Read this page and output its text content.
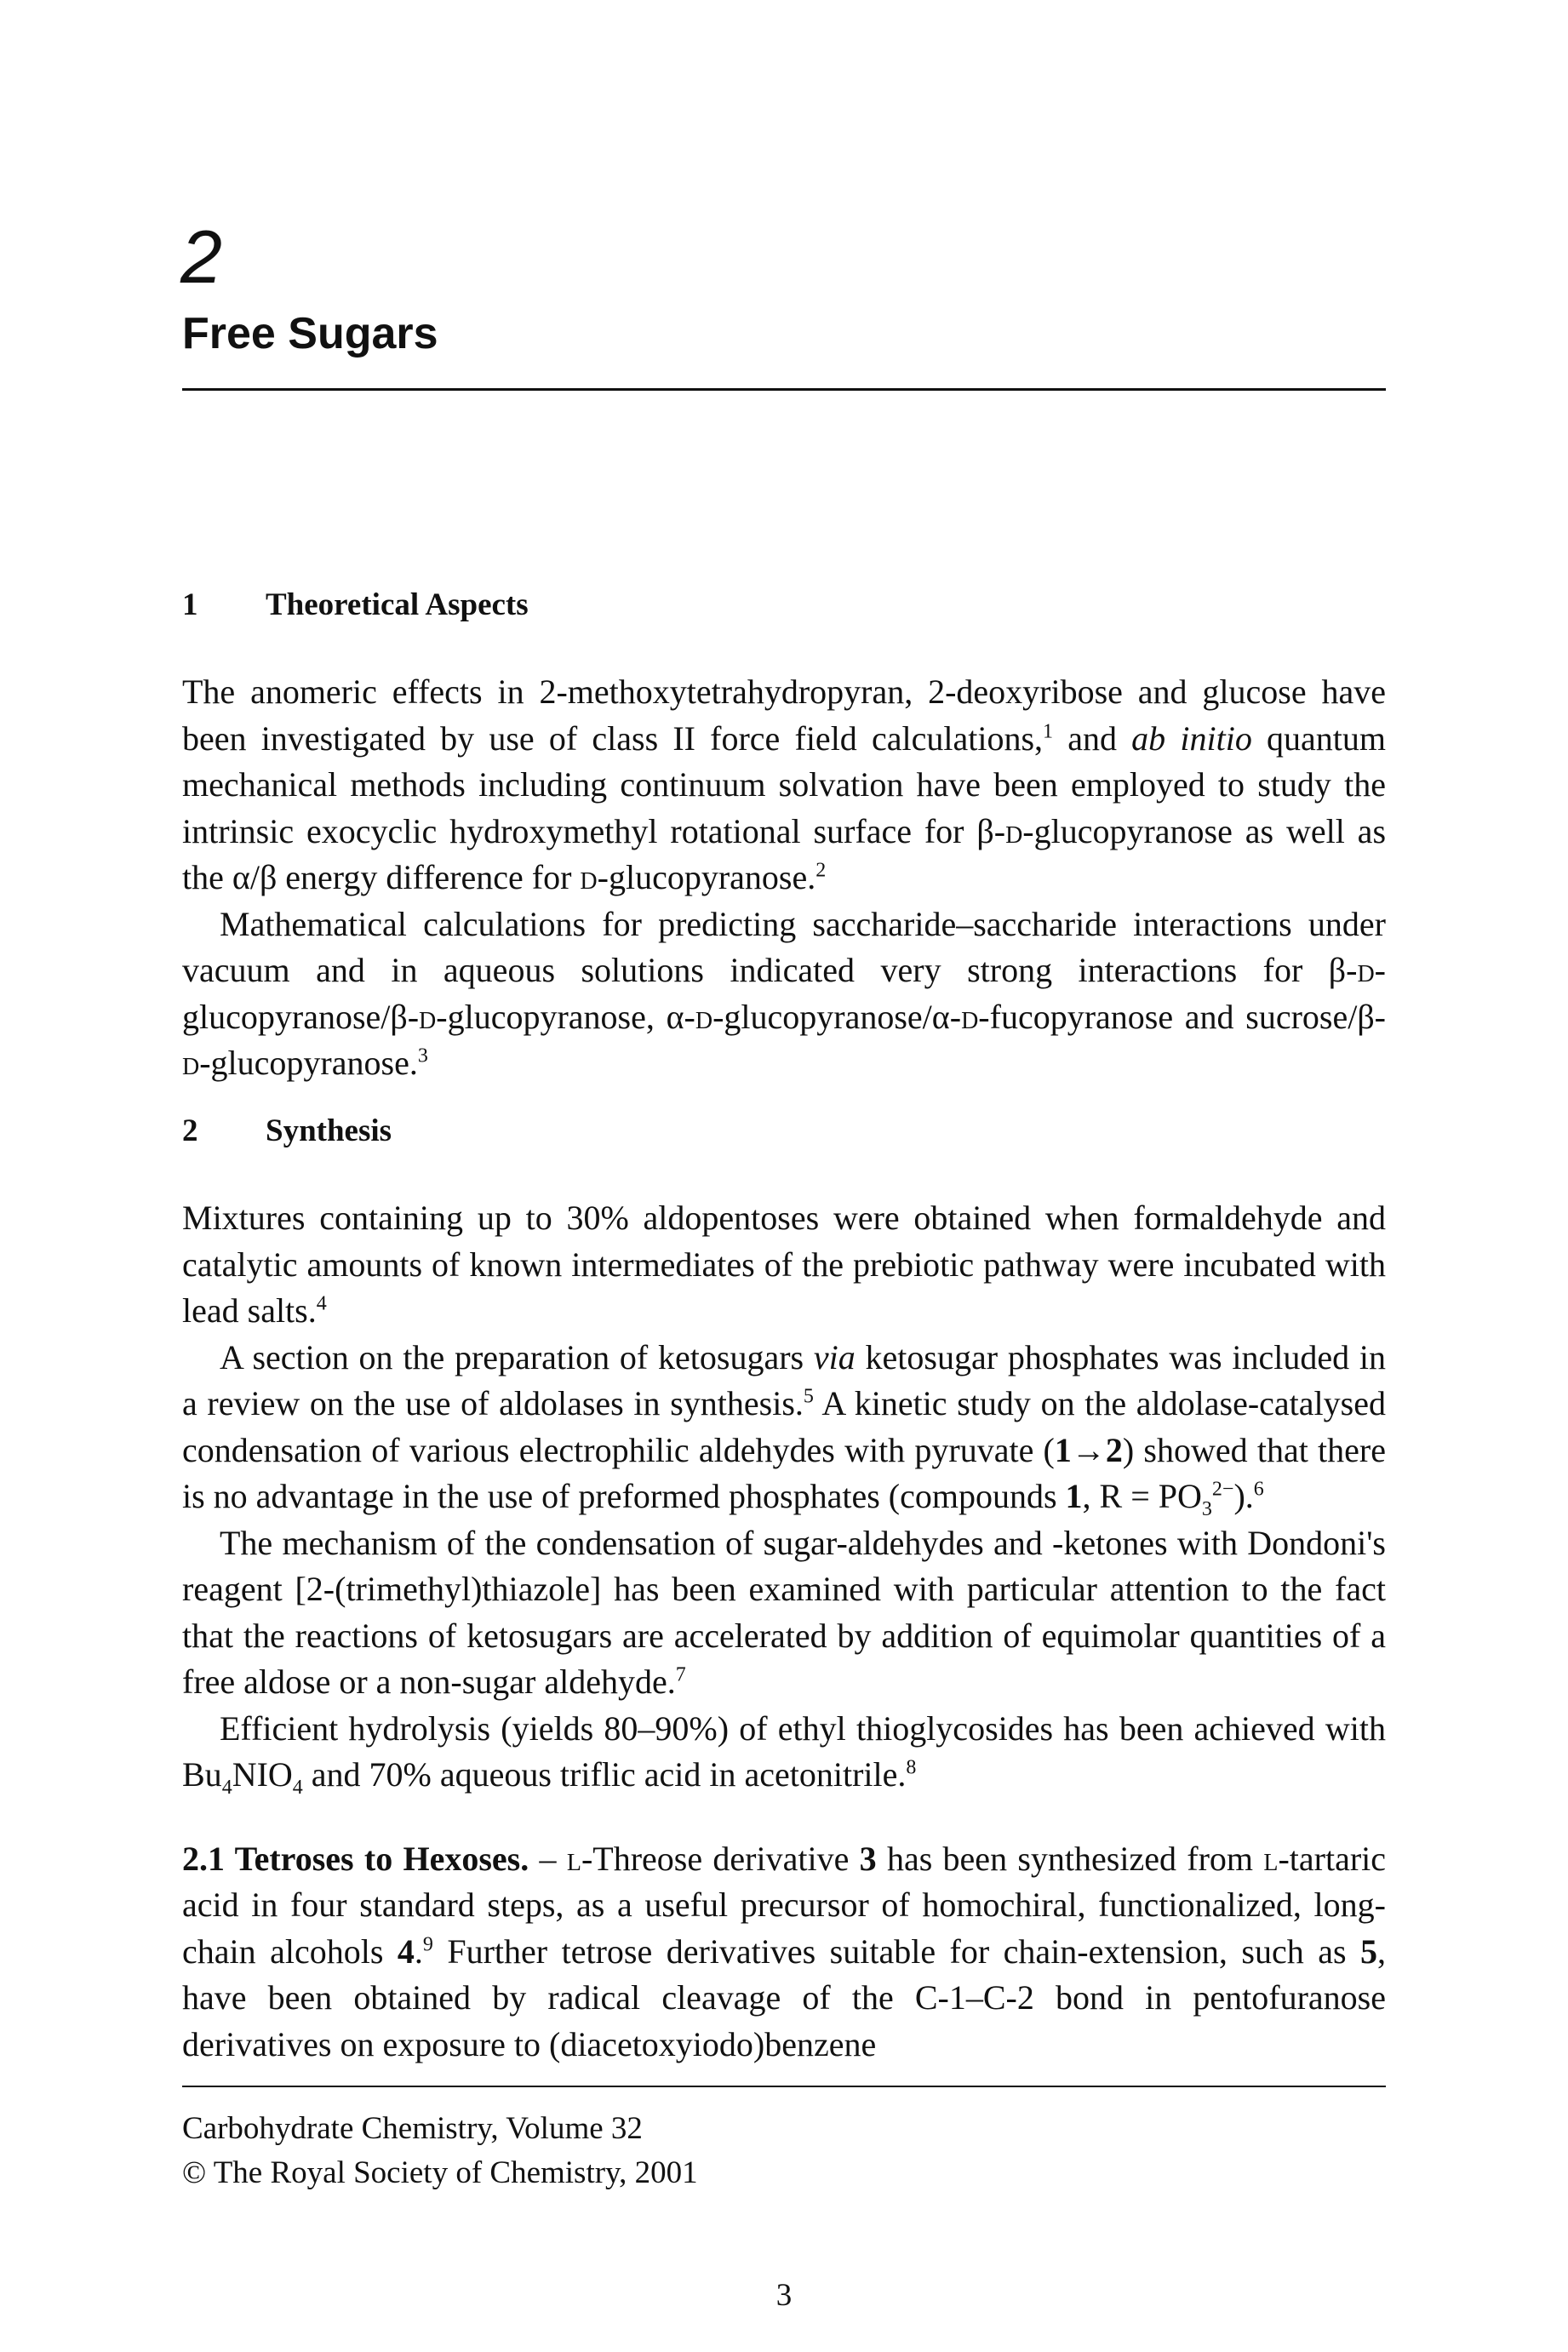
2
Free Sugars
1 Theoretical Aspects

The anomeric effects in 2-methoxytetrahydropyran, 2-deoxyribose and glucose have been investigated by use of class II force field calculations,$^1$ and ab initio quantum mechanical methods including continuum solvation have been employed to study the intrinsic exocyclic hydroxymethyl rotational surface for β-d-glucopyranose as well as the α/β energy difference for d-glucopyranose.$^2$

Mathematical calculations for predicting saccharide–saccharide interactions under vacuum and in aqueous solutions indicated very strong interactions for β-d-glucopyranose/β-d-glucopyranose, α-d-glucopyranose/α-d-fucopyranose and sucrose/β-d-glucopyranose.$^3$

2 Synthesis

Mixtures containing up to 30% aldopentoses were obtained when formaldehyde and catalytic amounts of known intermediates of the prebiotic pathway were incubated with lead salts.$^4$

A section on the preparation of ketosugars via ketosugar phosphates was included in a review on the use of aldolases in synthesis.$^5$ A kinetic study on the aldolase-catalysed condensation of various electrophilic aldehydes with pyruvate (1→2) showed that there is no advantage in the use of preformed phosphates (compounds 1, $R = PO_3^{2-}).^6$

The mechanism of the condensation of sugar-aldehydes and -ketones with Dondoni's reagent [2-(trimethyl)thiazole] has been examined with particular attention to the fact that the reactions of ketosugars are accelerated by addition of equimolar quantities of a free aldose or a non-sugar aldehyde.$^7$

Efficient hydrolysis (yields 80–90%) of ethyl thioglycosides has been achieved with $Bu_4NIO_4$ and 70% aqueous triflic acid in acetonitrile.$^8$

2.1 Tetroses to Hexoses. – l-Threose derivative 3 has been synthesized from l-tartaric acid in four standard steps, as a useful precursor of homochiral, functionalized, long-chain alcohols 4.$^9$ Further tetrose derivatives suitable for chain-extension, such as 5, have been obtained by radical cleavage of the C-1–C-2 bond in pentofuranose derivatives on exposure to (diacetoxyiodo)benzene

Carbohydrate Chemistry, Volume 32

© The Royal Society of Chemistry, 2001

3
